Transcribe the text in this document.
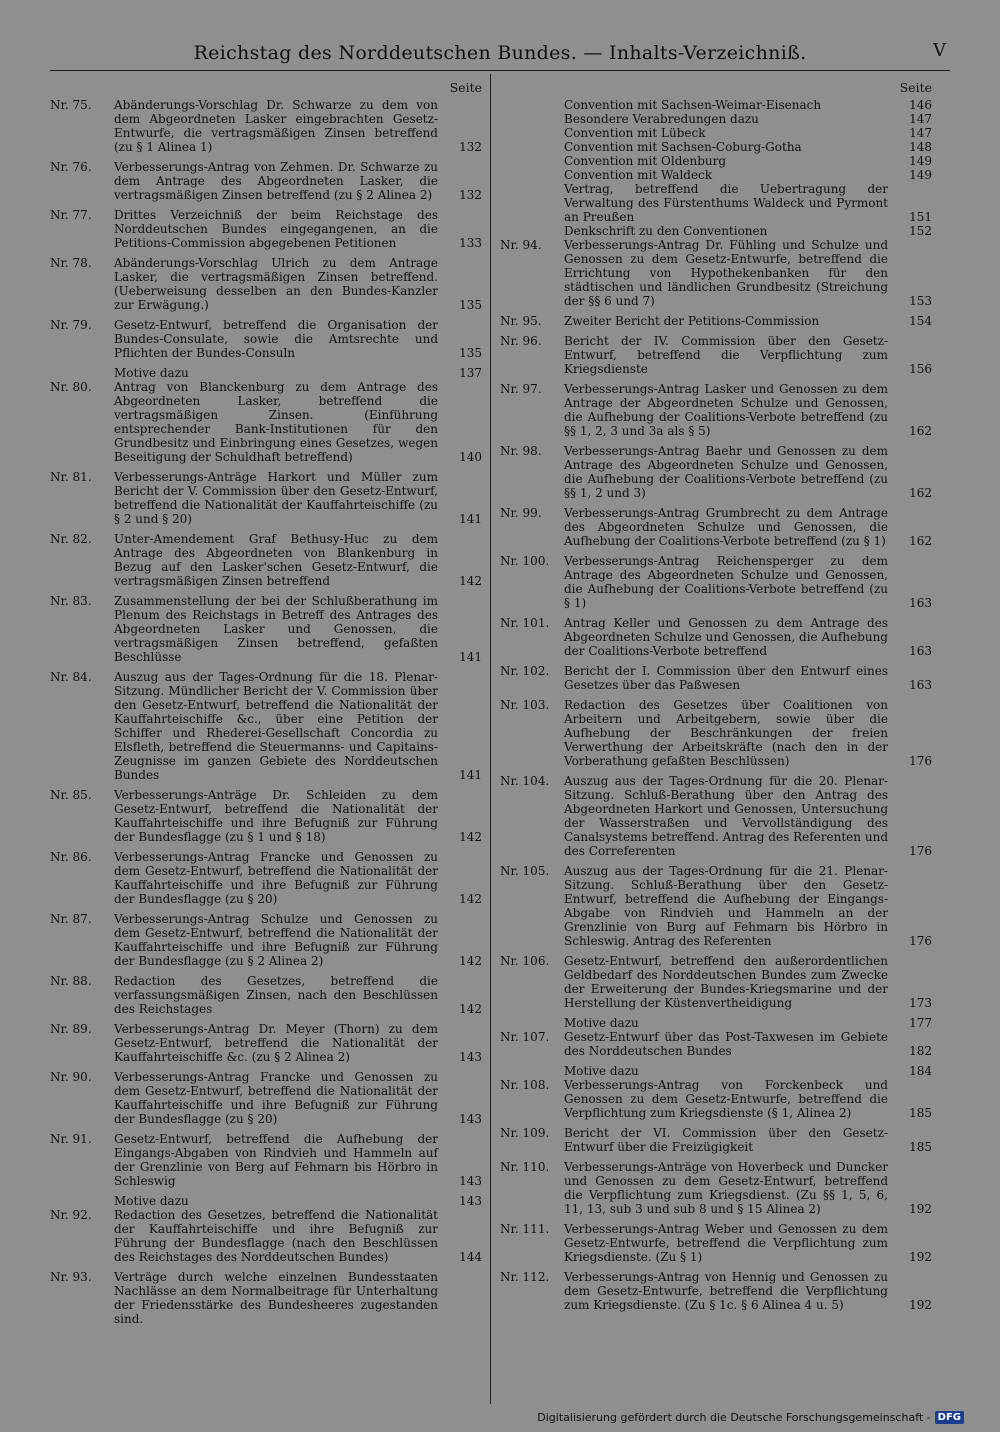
Reichstag des Norddeutschen Bundes. — Inhalts-Verzeichniß.	V
Seite
Nr. 75.	Abänderungs-Vorschlag Dr. Schwarze zu dem von dem Abgeordneten Lasker eingebrachten Gesetz-Entwurfe, die vertragsmäßigen Zinsen betreffend (zu § 1 Alinea 1)	132
Nr. 76.	Verbesserungs-Antrag von Zehmen. Dr. Schwarze zu dem Antrage des Abgeordneten Lasker, die vertragsmäßigen Zinsen betreffend (zu § 2 Alinea 2)	132
Nr. 77.	Drittes Verzeichniß der beim Reichstage des Norddeutschen Bundes eingegangenen, an die Petitions-Commission abgegebenen Petitionen	133
Nr. 78.	Abänderungs-Vorschlag Ulrich zu dem Antrage Lasker, die vertragsmäßigen Zinsen betreffend. (Ueberweisung desselben an den Bundes-Kanzler zur Erwägung.)	135
Nr. 79.	Gesetz-Entwurf, betreffend die Organisation der Bundes-Consulate, sowie die Amtsrechte und Pflichten der Bundes-Consuln	135
Motive dazu	137
Nr. 80.	Antrag von Blanckenburg zu dem Antrage des Abgeordneten Lasker, betreffend die vertragsmäßigen Zinsen. (Einführung entsprechender Bank-Institutionen für den Grundbesitz und Einbringung eines Gesetzes, wegen Beseitigung der Schuldhaft betreffend)	140
Nr. 81.	Verbesserungs-Anträge Harkort und Müller zum Bericht der V. Commission über den Gesetz-Entwurf, betreffend die Nationalität der Kauffahrteischiffe (zu § 2 und § 20)	141
Nr. 82.	Unter-Amendement Graf Bethusy-Huc zu dem Antrage des Abgeordneten von Blankenburg in Bezug auf den Lasker'schen Gesetz-Entwurf, die vertragsmäßigen Zinsen betreffend	142
Nr. 83.	Zusammenstellung der bei der Schlußberathung im Plenum des Reichstags in Betreff des Antrages des Abgeordneten Lasker und Genossen, die vertragsmäßigen Zinsen betreffend, gefaßten Beschlüsse	141
Nr. 84.	Auszug aus der Tages-Ordnung für die 18. Plenar-Sitzung. Mündlicher Bericht der V. Commission über den Gesetz-Entwurf, betreffend die Nationalität der Kauffahrteischiffe &c., über eine Petition der Schiffer und Rhederei-Gesellschaft Concordia zu Elsfleth, betreffend die Steuermanns- und Capitains-Zeugnisse im ganzen Gebiete des Norddeutschen Bundes	141
Nr. 85.	Verbesserungs-Anträge Dr. Schleiden zu dem Gesetz-Entwurf, betreffend die Nationalität der Kauffahrteischiffe und ihre Befugniß zur Führung der Bundesflagge (zu § 1 und § 18)	142
Nr. 86.	Verbesserungs-Antrag Francke und Genossen zu dem Gesetz-Entwurf, betreffend die Nationalität der Kauffahrteischiffe und ihre Befugniß zur Führung der Bundesflagge (zu § 20)	142
Nr. 87.	Verbesserungs-Antrag Schulze und Genossen zu dem Gesetz-Entwurf, betreffend die Nationalität der Kauffahrteischiffe und ihre Befugniß zur Führung der Bundesflagge (zu § 2 Alinea 2)	142
Nr. 88.	Redaction des Gesetzes, betreffend die verfassungsmäßigen Zinsen, nach den Beschlüssen des Reichstages	142
Nr. 89.	Verbesserungs-Antrag Dr. Meyer (Thorn) zu dem Gesetz-Entwurf, betreffend die Nationalität der Kauffahrteischiffe &c. (zu § 2 Alinea 2)	143
Nr. 90.	Verbesserungs-Antrag Francke und Genossen zu dem Gesetz-Entwurf, betreffend die Nationalität der Kauffahrteischiffe und ihre Befugniß zur Führung der Bundesflagge (zu § 20)	143
Nr. 91.	Gesetz-Entwurf, betreffend die Aufhebung der Eingangs-Abgaben von Rindvieh und Hammeln auf der Grenzlinie von Berg auf Fehmarn bis Hörbro in Schleswig	143
Motive dazu	143
Nr. 92.	Redaction des Gesetzes, betreffend die Nationalität der Kauffahrteischiffe und ihre Befugniß zur Führung der Bundesflagge (nach den Beschlüssen des Reichstages des Norddeutschen Bundes)	144
Nr. 93.	Verträge durch welche einzelnen Bundesstaaten Nachlässe an dem Normalbeitrage für Unterhaltung der Friedensstärke des Bundesheeres zugestanden sind.
Seite
Convention mit Sachsen-Weimar-Eisenach	146
Besondere Verabredungen dazu	147
Convention mit Lübeck	147
Convention mit Sachsen-Coburg-Gotha	148
Convention mit Oldenburg	149
Convention mit Waldeck	149
Vertrag, betreffend die Uebertragung der Verwaltung des Fürstenthums Waldeck und Pyrmont an Preußen	151
Denkschrift zu den Conventionen	152
Nr. 94.	Verbesserungs-Antrag Dr. Fühling und Schulze und Genossen zu dem Gesetz-Entwurfe, betreffend die Errichtung von Hypothekenbanken für den städtischen und ländlichen Grundbesitz (Streichung der §§ 6 und 7)	153
Nr. 95.	Zweiter Bericht der Petitions-Commission	154
Nr. 96.	Bericht der IV. Commission über den Gesetz-Entwurf, betreffend die Verpflichtung zum Kriegsdienste	156
Nr. 97.	Verbesserungs-Antrag Lasker und Genossen zu dem Antrage der Abgeordneten Schulze und Genossen, die Aufhebung der Coalitions-Verbote betreffend (zu §§ 1, 2, 3 und 3a als § 5)	162
Nr. 98.	Verbesserungs-Antrag Baehr und Genossen zu dem Antrage des Abgeordneten Schulze und Genossen, die Aufhebung der Coalitions-Verbote betreffend (zu §§ 1, 2 und 3)	162
Nr. 99.	Verbesserungs-Antrag Grumbrecht zu dem Antrage des Abgeordneten Schulze und Genossen, die Aufhebung der Coalitions-Verbote betreffend (zu § 1)	162
Nr. 100.	Verbesserungs-Antrag Reichensperger zu dem Antrage des Abgeordneten Schulze und Genossen, die Aufhebung der Coalitions-Verbote betreffend (zu § 1)	163
Nr. 101.	Antrag Keller und Genossen zu dem Antrage des Abgeordneten Schulze und Genossen, die Aufhebung der Coalitions-Verbote betreffend	163
Nr. 102.	Bericht der I. Commission über den Entwurf eines Gesetzes über das Paßwesen	163
Nr. 103.	Redaction des Gesetzes über Coalitionen von Arbeitern und Arbeitgebern, sowie über die Aufhebung der Beschränkungen der freien Verwerthung der Arbeitskräfte (nach den in der Vorberathung gefaßten Beschlüssen)	176
Nr. 104.	Auszug aus der Tages-Ordnung für die 20. Plenar-Sitzung. Schluß-Berathung über den Antrag des Abgeordneten Harkort und Genossen, Untersuchung der Wasserstraßen und Vervollständigung des Canalsystems betreffend. Antrag des Referenten und des Correferenten	176
Nr. 105.	Auszug aus der Tages-Ordnung für die 21. Plenar-Sitzung. Schluß-Berathung über den Gesetz-Entwurf, betreffend die Aufhebung der Eingangs-Abgabe von Rindvieh und Hammeln an der Grenzlinie von Burg auf Fehmarn bis Hörbro in Schleswig. Antrag des Referenten	176
Nr. 106.	Gesetz-Entwurf, betreffend den außerordentlichen Geldbedarf des Norddeutschen Bundes zum Zwecke der Erweiterung der Bundes-Kriegsmarine und der Herstellung der Küstenvertheidigung	173
Motive dazu	177
Nr. 107.	Gesetz-Entwurf über das Post-Taxwesen im Gebiete des Norddeutschen Bundes	182
Motive dazu	184
Nr. 108.	Verbesserungs-Antrag von Forckenbeck und Genossen zu dem Gesetz-Entwurfe, betreffend die Verpflichtung zum Kriegsdienste (§ 1, Alinea 2)	185
Nr. 109.	Bericht der VI. Commission über den Gesetz-Entwurf über die Freizügigkeit	185
Nr. 110.	Verbesserungs-Anträge von Hoverbeck und Duncker und Genossen zu dem Gesetz-Entwurf, betreffend die Verpflichtung zum Kriegsdienst. (Zu §§ 1, 5, 6, 11, 13, sub 3 und sub 8 und § 15 Alinea 2)	192
Nr. 111.	Verbesserungs-Antrag Weber und Genossen zu dem Gesetz-Entwurfe, betreffend die Verpflichtung zum Kriegsdienste. (Zu § 1)	192
Nr. 112.	Verbesserungs-Antrag von Hennig und Genossen zu dem Gesetz-Entwurfe, betreffend die Verpflichtung zum Kriegsdienste. (Zu § 1c. § 6 Alinea 4 u. 5)	192
Digitalisierung gefördert durch die Deutsche Forschungsgemeinschaft - DFG
